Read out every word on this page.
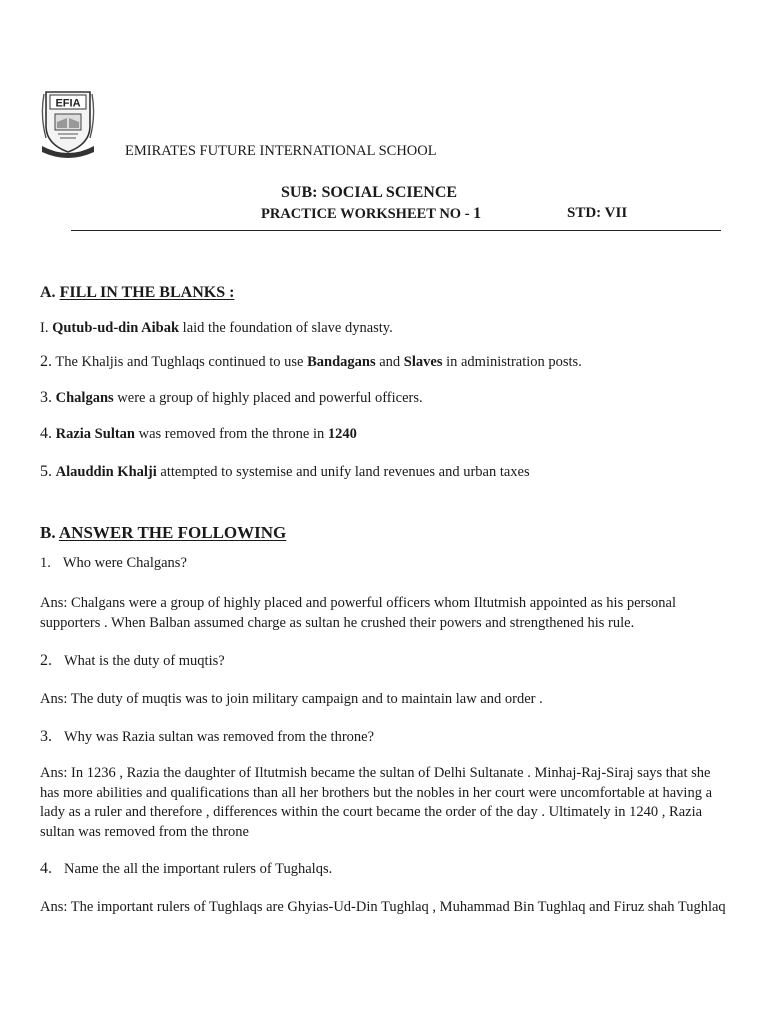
EFIA
EMIRATES FUTURE INTERNATIONAL SCHOOL
SUB: SOCIAL SCIENCE
PRACTICE WORKSHEET NO - 1	STD: VII
A. FILL IN THE BLANKS :
I. Qutub-ud-din Aibak laid the foundation of slave dynasty.
2. The Khaljis and Tughlaqs continued to use Bandagans and Slaves in administration posts.
3. Chalgans were a group of highly placed and powerful officers.
4. Razia Sultan was removed from the throne in 1240
5. Alauddin Khalji attempted to systemise and unify land revenues and urban taxes
B. ANSWER THE FOLLOWING
1. Who were Chalgans?
Ans: Chalgans were a group of highly placed and powerful officers whom Iltutmish appointed as his personal supporters . When Balban assumed charge as sultan he crushed their powers and strengthened his rule.
2. What is the duty of muqtis?
Ans: The duty of muqtis was to join military campaign and to maintain law and order .
3. Why was Razia sultan was removed from the throne?
Ans: In 1236 , Razia the daughter of Iltutmish became the sultan of Delhi Sultanate . Minhaj-Raj-Siraj says that she has more abilities and qualifications than all her brothers but the nobles in her court were uncomfortable at having a lady as a ruler and therefore , differences within the court became the order of the day . Ultimately in 1240 , Razia sultan was removed from the throne
4. Name the all the important rulers of Tughalqs.
Ans: The important rulers of Tughlaqs are Ghyias-Ud-Din Tughlaq , Muhammad Bin Tughlaq and Firuz shah Tughlaq
